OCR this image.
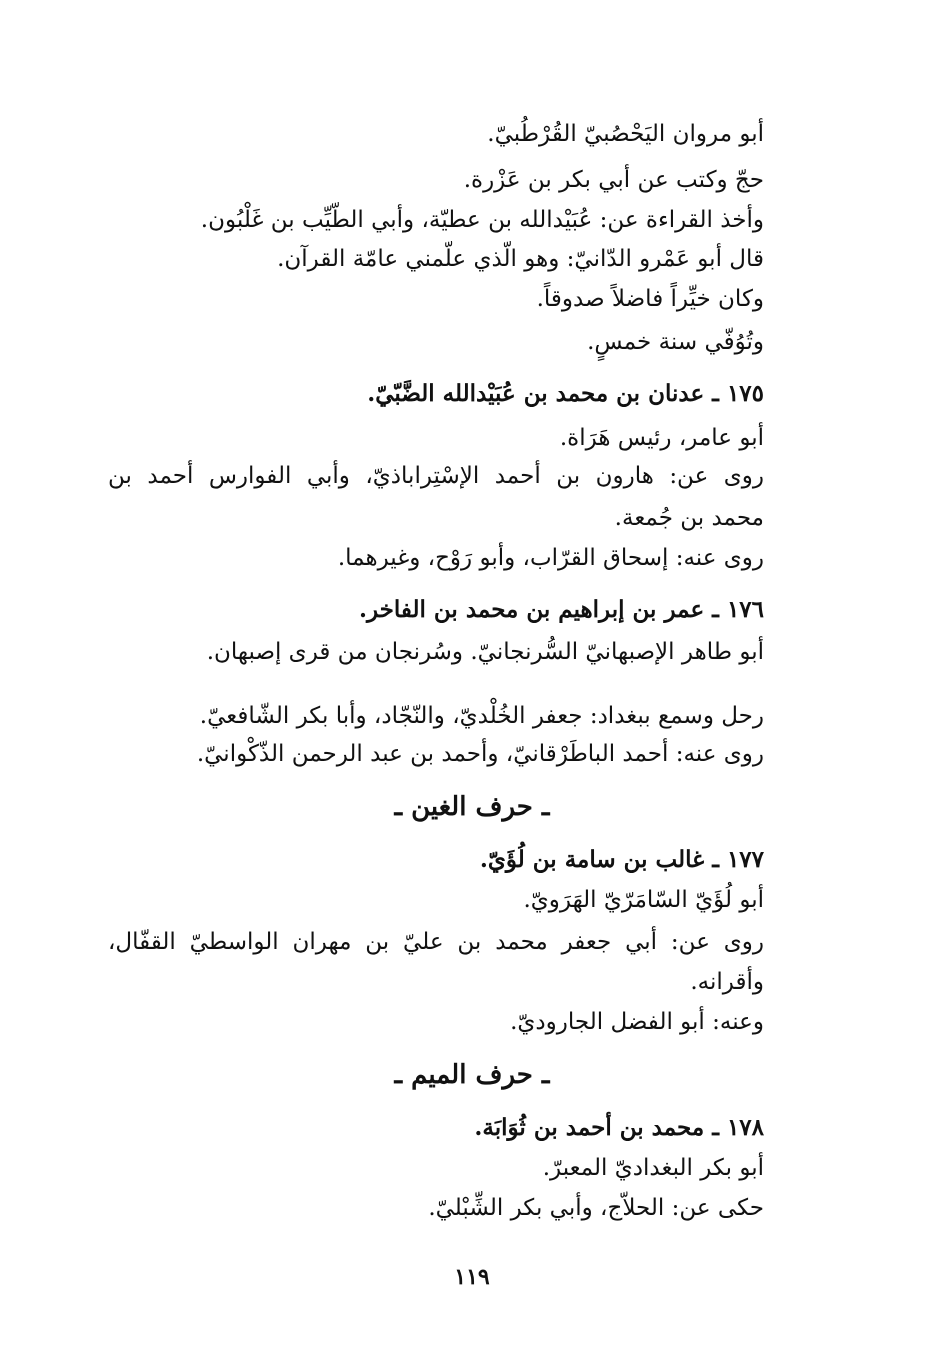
أبو مروان اليَحْصُبيّ القُرْطُبيّ.

حجّ وكتب عن أبي بكر بن عَزْرة.

وأخذ القراءة عن: عُبَيْدالله بن عطيّة، وأبي الطّيِّب بن غَلْبُون.

قال أبو عَمْرو الدّانيّ: وهو الّذي علّمني عامّة القرآن.

وكان خيِّراً فاضلاً صدوقاً.

وتُوُفّي سنة خمسٍ.

١٧٥ ـ عدنان بن محمد بن عُبَيْدالله الضَّبّيّ.

أبو عامر، رئيس هَرَاة.

روى عن: هارون بن أحمد الإسْتِراباذيّ، وأبي الفوارس أحمد بن

محمد بن جُمعة.

روى عنه: إسحاق القرّاب، وأبو رَوْح، وغيرهما.

١٧٦ ـ عمر بن إبراهيم بن محمد بن الفاخر.

أبو طاهر الإصبهانيّ السُّرنجانيّ. وسُرنجان من قرى إصبهان.

رحل وسمع ببغداد: جعفر الخُلْديّ، والنّجّاد، وأبا بكر الشّافعيّ.

روى عنه: أحمد الباطَرْقانيّ، وأحمد بن عبد الرحمن الذّكْوانيّ.

ـ حرف الغين ـ

١٧٧ ـ غالب بن سامة بن لُؤَيّ.

أبو لُؤَيّ السّامَرّيّ الهَرَويّ.

روى عن: أبي جعفر محمد بن عليّ بن مهران الواسطيّ القفّال،

وأقرانه.

وعنه: أبو الفضل الجاروديّ.

ـ حرف الميم ـ

١٧٨ ـ محمد بن أحمد بن ثُوَابَة.

أبو بكر البغداديّ المعبرّ.

حكى عن: الحلاّج، وأبي بكر الشِّبْليّ.

١١٩
